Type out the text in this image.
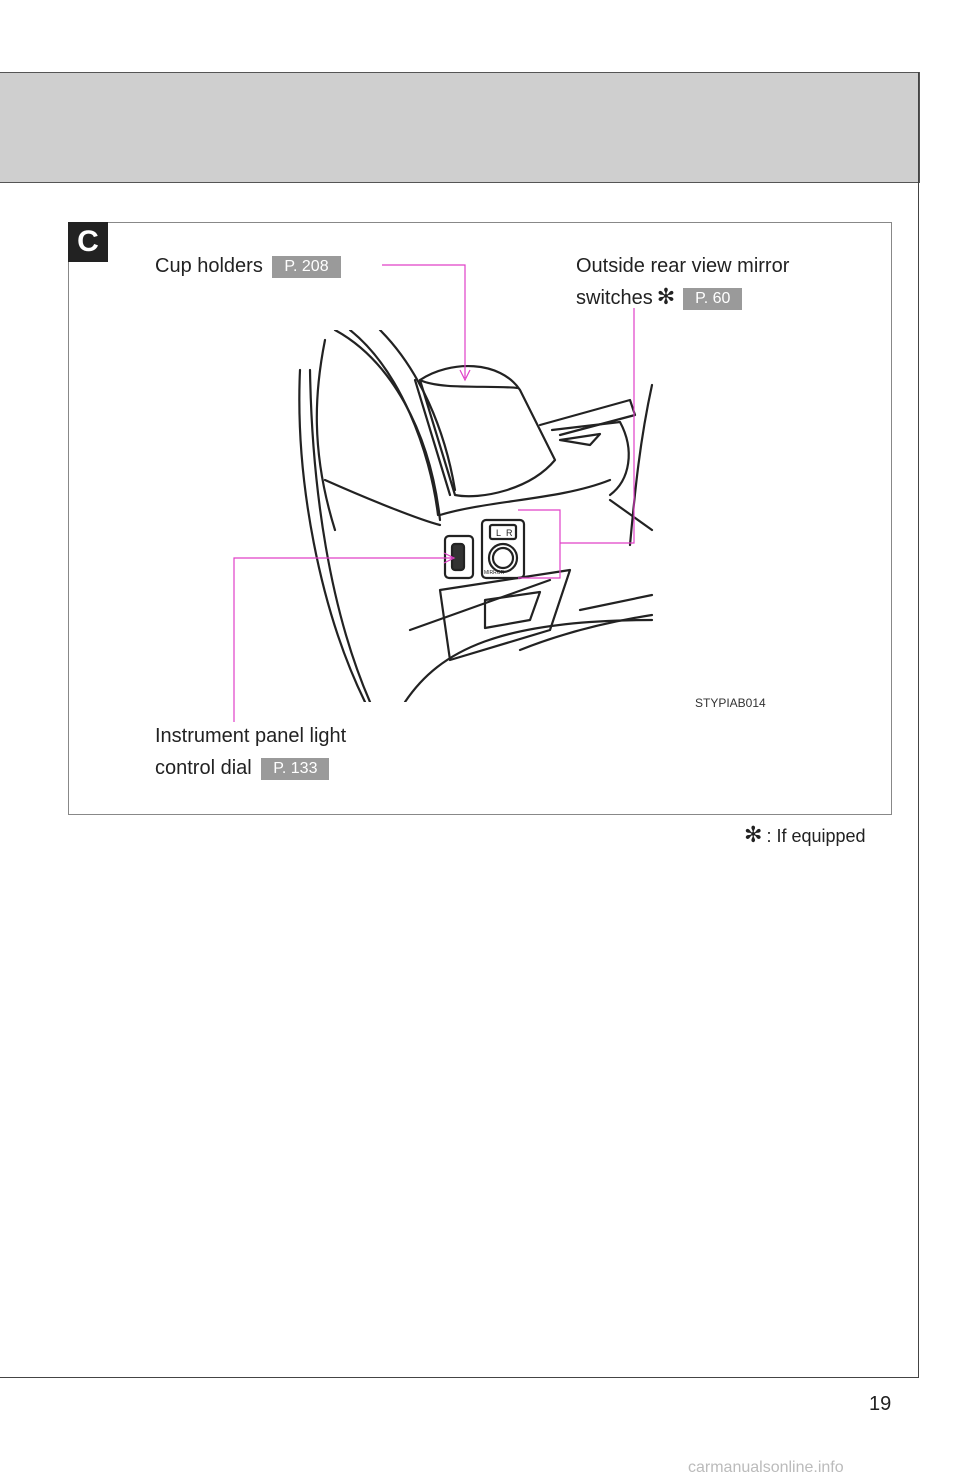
C
Cup holders P. 208	Outside rear view mirror
switches ✻ P. 60
Instrument panel light
control dial P. 133
L R
MIRROR
STYPIAB014
✻ : If equipped
19
carmanualsonline.info
